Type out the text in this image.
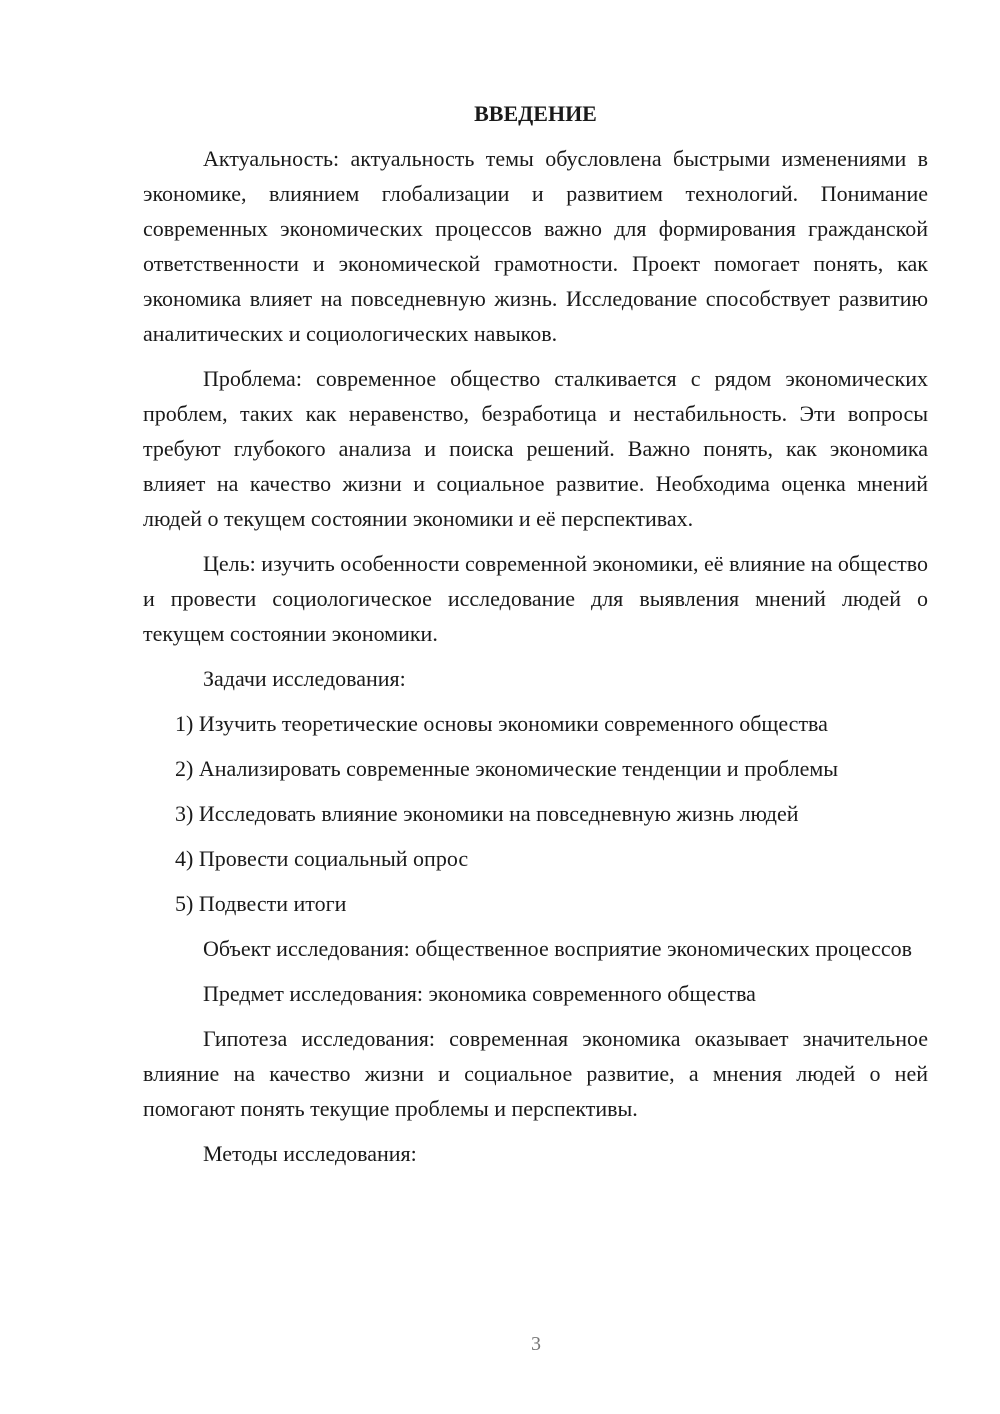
ВВЕДЕНИЕ

Актуальность: актуальность темы обусловлена быстрыми изменениями в экономике, влиянием глобализации и развитием технологий. Понимание современных экономических процессов важно для формирования гражданской ответственности и экономической грамотности. Проект помогает понять, как экономика влияет на повседневную жизнь. Исследование способствует развитию аналитических и социологических навыков.

Проблема: современное общество сталкивается с рядом экономических проблем, таких как неравенство, безработица и нестабильность. Эти вопросы требуют глубокого анализа и поиска решений. Важно понять, как экономика влияет на качество жизни и социальное развитие. Необходима оценка мнений людей о текущем состоянии экономики и её перспективах.

Цель: изучить особенности современной экономики, её влияние на общество и провести социологическое исследование для выявления мнений людей о текущем состоянии экономики.

Задачи исследования:

1) Изучить теоретические основы экономики современного общества

2) Анализировать современные экономические тенденции и проблемы

3) Исследовать влияние экономики на повседневную жизнь людей

4) Провести социальный опрос

5) Подвести итоги

Объект исследования: общественное восприятие экономических процессов

Предмет исследования: экономика современного общества

Гипотеза исследования: современная экономика оказывает значительное влияние на качество жизни и социальное развитие, а мнения людей о ней помогают понять текущие проблемы и перспективы.

Методы исследования:

3
